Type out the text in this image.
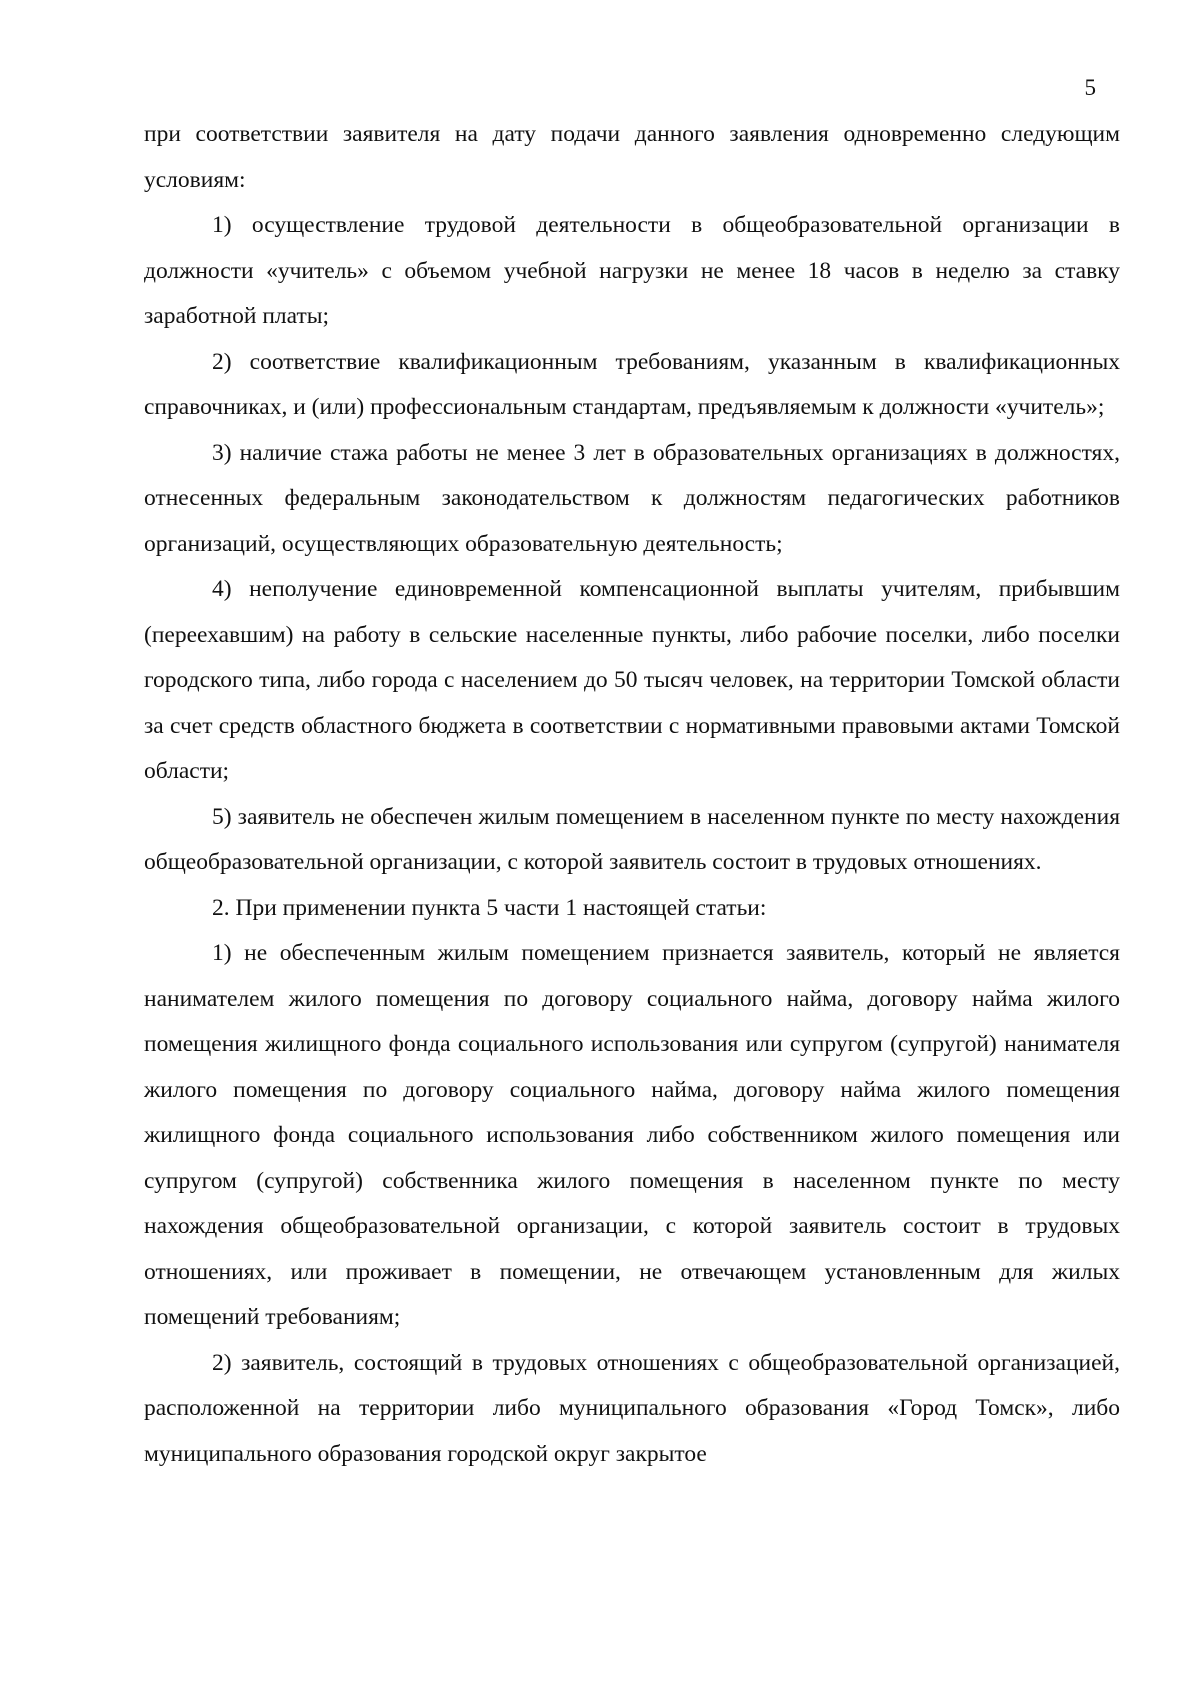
5

при соответствии заявителя на дату подачи данного заявления одновременно следующим условиям:

1) осуществление трудовой деятельности в общеобразовательной организации в должности «учитель» с объемом учебной нагрузки не менее 18 часов в неделю за ставку заработной платы;

2) соответствие квалификационным требованиям, указанным в квалификационных справочниках, и (или) профессиональным стандартам, предъявляемым к должности «учитель»;

3) наличие стажа работы не менее 3 лет в образовательных организациях в должностях, отнесенных федеральным законодательством к должностям педагогических работников организаций, осуществляющих образовательную деятельность;

4) неполучение единовременной компенсационной выплаты учителям, прибывшим (переехавшим) на работу в сельские населенные пункты, либо рабочие поселки, либо поселки городского типа, либо города с населением до 50 тысяч человек, на территории Томской области за счет средств областного бюджета в соответствии с нормативными правовыми актами Томской области;

5) заявитель не обеспечен жилым помещением в населенном пункте по месту нахождения общеобразовательной организации, с которой заявитель состоит в трудовых отношениях.

2. При применении пункта 5 части 1 настоящей статьи:

1) не обеспеченным жилым помещением признается заявитель, который не является нанимателем жилого помещения по договору социального найма, договору найма жилого помещения жилищного фонда социального использования или супругом (супругой) нанимателя жилого помещения по договору социального найма, договору найма жилого помещения жилищного фонда социального использования либо собственником жилого помещения или супругом (супругой) собственника жилого помещения в населенном пункте по месту нахождения общеобразовательной организации, с которой заявитель состоит в трудовых отношениях, или проживает в помещении, не отвечающем установленным для жилых помещений требованиям;

2) заявитель, состоящий в трудовых отношениях с общеобразовательной организацией, расположенной на территории либо муниципального образования «Город Томск», либо муниципального образования городской округ закрытое
